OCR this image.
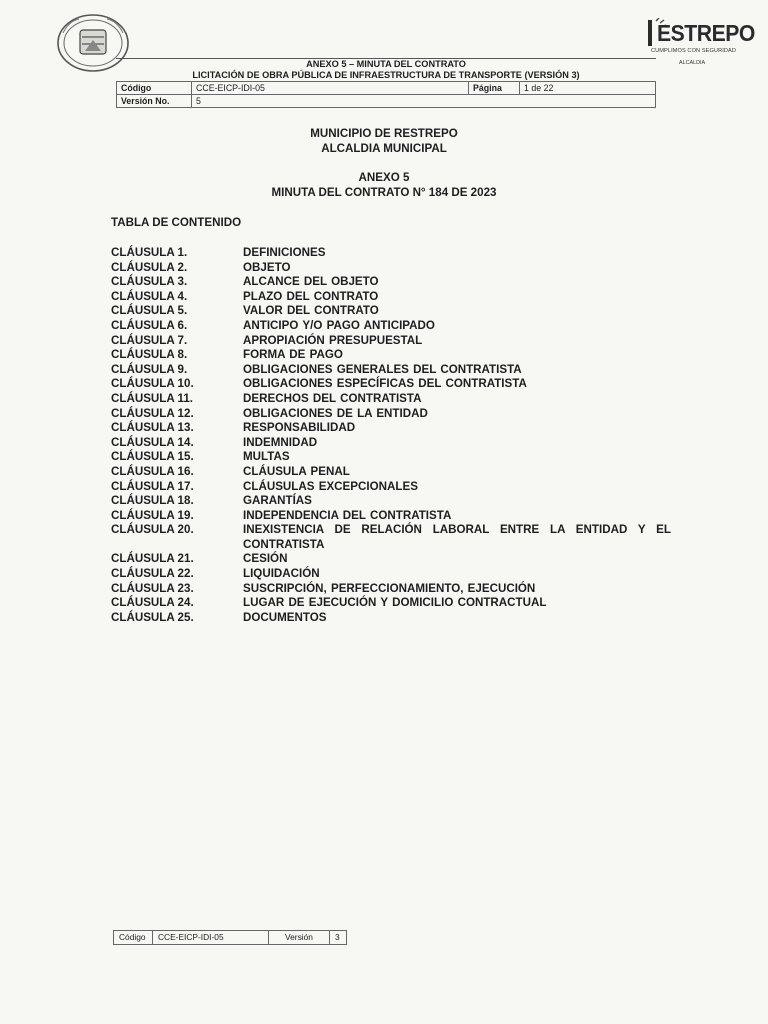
ESTREPO
CUMPLIMOS CON SEGURIDAD
ALCALDIA
ANEXO 5 – MINUTA DEL CONTRATO
LICITACIÓN DE OBRA PÚBLICA DE INFRAESTRUCTURA DE TRANSPORTE (VERSIÓN 3)
Código	CCE-EICP-IDI-05	Página	1 de 22
Versión No.	5		
MUNICIPIO DE RESTREPO
ALCALDIA MUNICIPAL
ANEXO 5
MINUTA DEL CONTRATO N° 184 DE 2023
TABLA DE CONTENIDO
CLÁUSULA 1.	DEFINICIONES
CLÁUSULA 2.	OBJETO
CLÁUSULA 3.	ALCANCE DEL OBJETO
CLÁUSULA 4.	PLAZO DEL CONTRATO
CLÁUSULA 5.	VALOR DEL CONTRATO
CLÁUSULA 6.	ANTICIPO Y/O PAGO ANTICIPADO
CLÁUSULA 7.	APROPIACIÓN PRESUPUESTAL
CLÁUSULA 8.	FORMA DE PAGO
CLÁUSULA 9.	OBLIGACIONES GENERALES DEL CONTRATISTA
CLÁUSULA 10.	OBLIGACIONES ESPECÍFICAS DEL CONTRATISTA
CLÁUSULA 11.	DERECHOS DEL CONTRATISTA
CLÁUSULA 12.	OBLIGACIONES DE LA ENTIDAD
CLÁUSULA 13.	RESPONSABILIDAD
CLÁUSULA 14.	INDEMNIDAD
CLÁUSULA 15.	MULTAS
CLÁUSULA 16.	CLÁUSULA PENAL
CLÁUSULA 17.	CLÁUSULAS EXCEPCIONALES
CLÁUSULA 18.	GARANTÍAS
CLÁUSULA 19.	INDEPENDENCIA DEL CONTRATISTA
CLÁUSULA 20.	INEXISTENCIA DE RELACIÓN LABORAL ENTRE LA ENTIDAD Y EL CONTRATISTA
CLÁUSULA 21.	CESIÓN
CLÁUSULA 22.	LIQUIDACIÓN
CLÁUSULA 23.	SUSCRIPCIÓN, PERFECCIONAMIENTO, EJECUCIÓN
CLÁUSULA 24.	LUGAR DE EJECUCIÓN Y DOMICILIO CONTRACTUAL
CLÁUSULA 25.	DOCUMENTOS
Código	CCE-EICP-IDI-05	Versión	3
